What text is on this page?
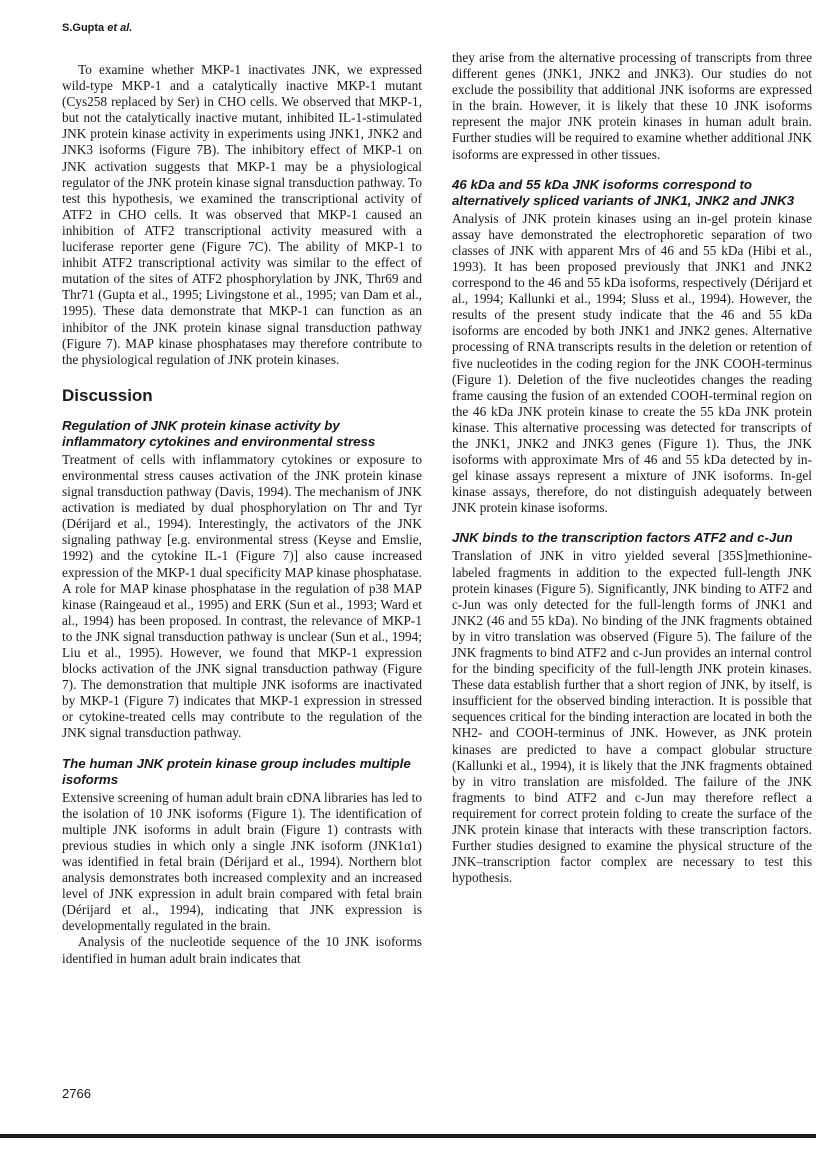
S.Gupta et al.

To examine whether MKP-1 inactivates JNK, we expressed wild-type MKP-1 and a catalytically inactive MKP-1 mutant (Cys258 replaced by Ser) in CHO cells. We observed that MKP-1, but not the catalytically inactive mutant, inhibited IL-1-stimulated JNK protein kinase activity in experiments using JNK1, JNK2 and JNK3 isoforms (Figure 7B). The inhibitory effect of MKP-1 on JNK activation suggests that MKP-1 may be a physiological regulator of the JNK protein kinase signal transduction pathway. To test this hypothesis, we examined the transcriptional activity of ATF2 in CHO cells. It was observed that MKP-1 caused an inhibition of ATF2 transcriptional activity measured with a luciferase reporter gene (Figure 7C). The ability of MKP-1 to inhibit ATF2 transcriptional activity was similar to the effect of mutation of the sites of ATF2 phosphorylation by JNK, Thr69 and Thr71 (Gupta et al., 1995; Livingstone et al., 1995; van Dam et al., 1995). These data demonstrate that MKP-1 can function as an inhibitor of the JNK protein kinase signal transduction pathway (Figure 7). MAP kinase phosphatases may therefore contribute to the physiological regulation of JNK protein kinases.

Discussion
Regulation of JNK protein kinase activity by inflammatory cytokines and environmental stress

Treatment of cells with inflammatory cytokines or exposure to environmental stress causes activation of the JNK protein kinase signal transduction pathway (Davis, 1994). The mechanism of JNK activation is mediated by dual phosphorylation on Thr and Tyr (Dérijard et al., 1994). Interestingly, the activators of the JNK signaling pathway [e.g. environmental stress (Keyse and Emslie, 1992) and the cytokine IL-1 (Figure 7)] also cause increased expression of the MKP-1 dual specificity MAP kinase phosphatase. A role for MAP kinase phosphatase in the regulation of p38 MAP kinase (Raingeaud et al., 1995) and ERK (Sun et al., 1993; Ward et al., 1994) has been proposed. In contrast, the relevance of MKP-1 to the JNK signal transduction pathway is unclear (Sun et al., 1994; Liu et al., 1995). However, we found that MKP-1 expression blocks activation of the JNK signal transduction pathway (Figure 7). The demonstration that multiple JNK isoforms are inactivated by MKP-1 (Figure 7) indicates that MKP-1 expression in stressed or cytokine-treated cells may contribute to the regulation of the JNK signal transduction pathway.

The human JNK protein kinase group includes multiple isoforms

Extensive screening of human adult brain cDNA libraries has led to the isolation of 10 JNK isoforms (Figure 1). The identification of multiple JNK isoforms in adult brain (Figure 1) contrasts with previous studies in which only a single JNK isoform (JNK1α1) was identified in fetal brain (Dérijard et al., 1994). Northern blot analysis demonstrates both increased complexity and an increased level of JNK expression in adult brain compared with fetal brain (Dérijard et al., 1994), indicating that JNK expression is developmentally regulated in the brain.

Analysis of the nucleotide sequence of the 10 JNK isoforms identified in human adult brain indicates that

they arise from the alternative processing of transcripts from three different genes (JNK1, JNK2 and JNK3). Our studies do not exclude the possibility that additional JNK isoforms are expressed in the brain. However, it is likely that these 10 JNK isoforms represent the major JNK protein kinases in human adult brain. Further studies will be required to examine whether additional JNK isoforms are expressed in other tissues.

46 kDa and 55 kDa JNK isoforms correspond to alternatively spliced variants of JNK1, JNK2 and JNK3

Analysis of JNK protein kinases using an in-gel protein kinase assay have demonstrated the electrophoretic separation of two classes of JNK with apparent Mrs of 46 and 55 kDa (Hibi et al., 1993). It has been proposed previously that JNK1 and JNK2 correspond to the 46 and 55 kDa isoforms, respectively (Dérijard et al., 1994; Kallunki et al., 1994; Sluss et al., 1994). However, the results of the present study indicate that the 46 and 55 kDa isoforms are encoded by both JNK1 and JNK2 genes. Alternative processing of RNA transcripts results in the deletion or retention of five nucleotides in the coding region for the JNK COOH-terminus (Figure 1). Deletion of the five nucleotides changes the reading frame causing the fusion of an extended COOH-terminal region on the 46 kDa JNK protein kinase to create the 55 kDa JNK protein kinase. This alternative processing was detected for transcripts of the JNK1, JNK2 and JNK3 genes (Figure 1). Thus, the JNK isoforms with approximate Mrs of 46 and 55 kDa detected by in-gel kinase assays represent a mixture of JNK isoforms. In-gel kinase assays, therefore, do not distinguish adequately between JNK protein kinase isoforms.

JNK binds to the transcription factors ATF2 and c-Jun

Translation of JNK in vitro yielded several [35S]methionine-labeled fragments in addition to the expected full-length JNK protein kinases (Figure 5). Significantly, JNK binding to ATF2 and c-Jun was only detected for the full-length forms of JNK1 and JNK2 (46 and 55 kDa). No binding of the JNK fragments obtained by in vitro translation was observed (Figure 5). The failure of the JNK fragments to bind ATF2 and c-Jun provides an internal control for the binding specificity of the full-length JNK protein kinases. These data establish further that a short region of JNK, by itself, is insufficient for the observed binding interaction. It is possible that sequences critical for the binding interaction are located in both the NH2- and COOH-terminus of JNK. However, as JNK protein kinases are predicted to have a compact globular structure (Kallunki et al., 1994), it is likely that the JNK fragments obtained by in vitro translation are misfolded. The failure of the JNK fragments to bind ATF2 and c-Jun may therefore reflect a requirement for correct protein folding to create the surface of the JNK protein kinase that interacts with these transcription factors. Further studies designed to examine the physical structure of the JNK–transcription factor complex are necessary to test this hypothesis.

2766
